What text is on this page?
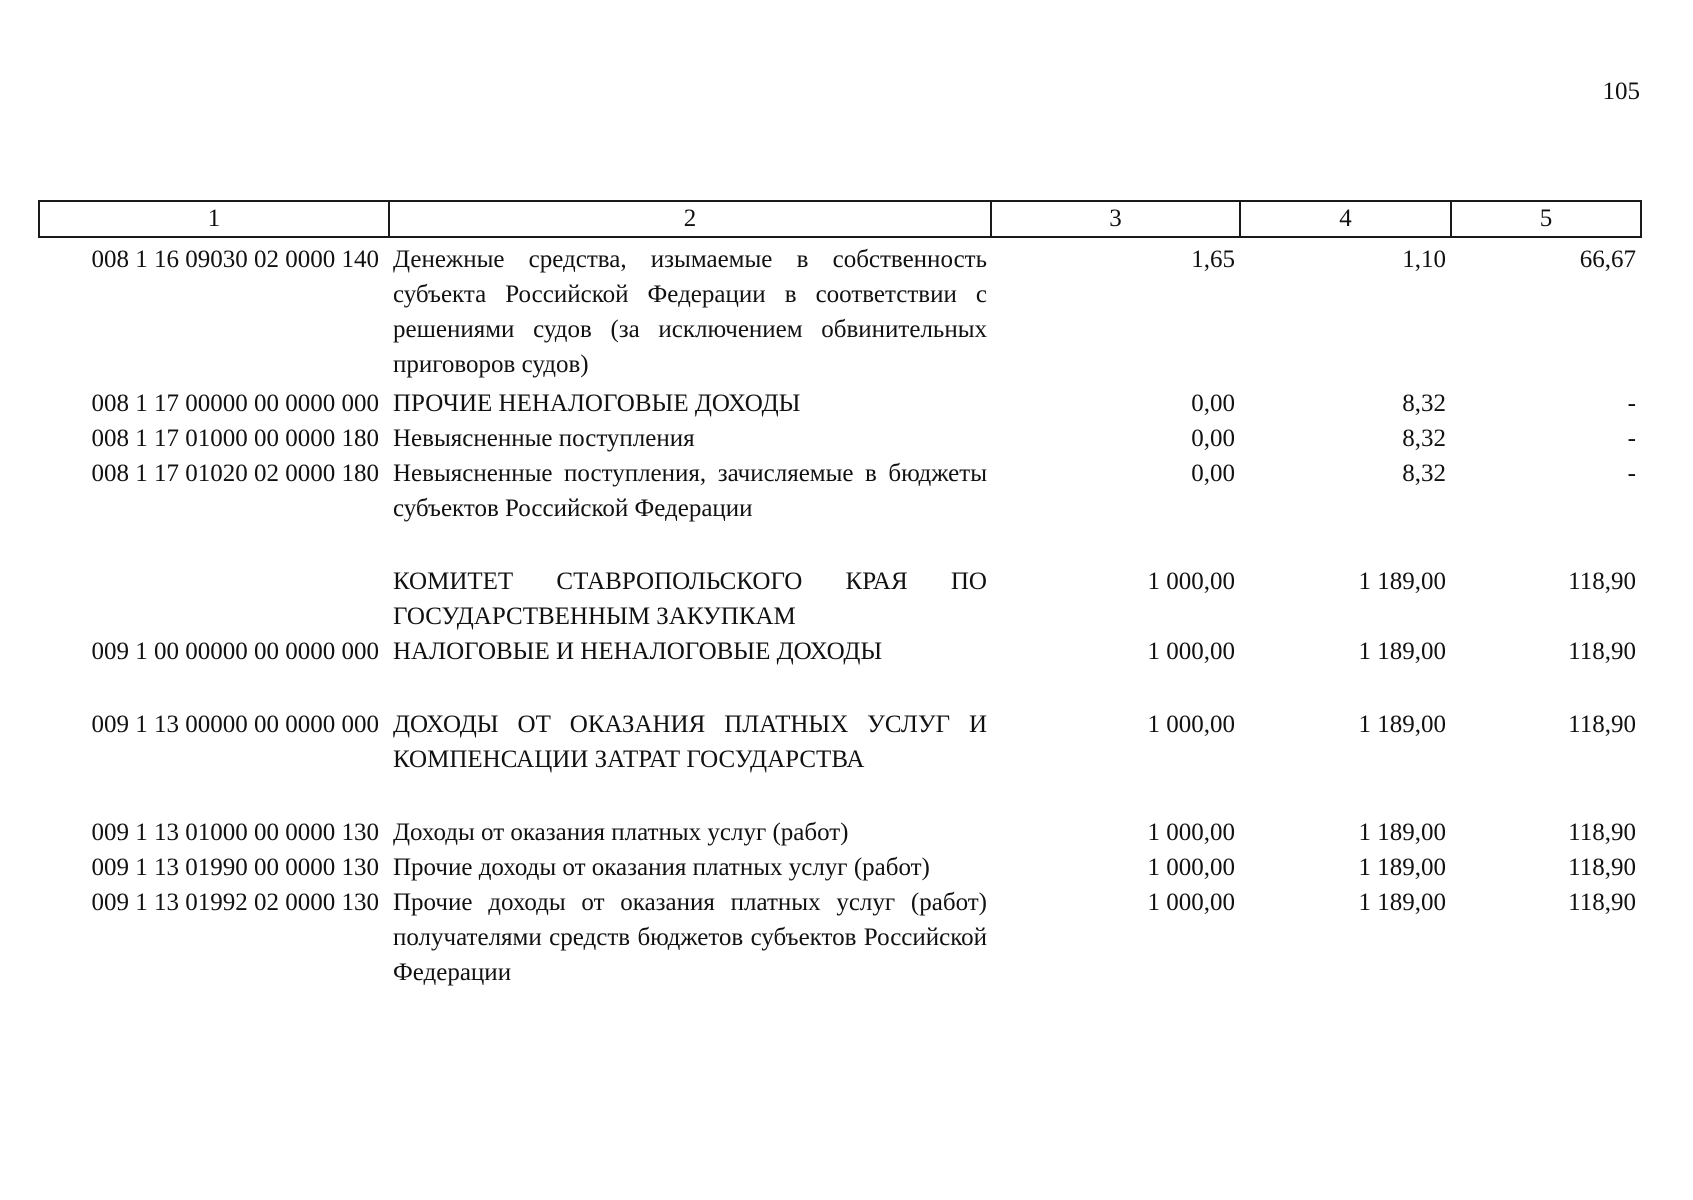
105
1	2	3	4	5
008 1 16 09030 02 0000 140	Денежные средства, изымаемые в собственность субъекта Российской Федерации в соответствии с решениями судов (за исключением обвинительных приговоров судов)	1,65	1,10	66,67
008 1 17 00000 00 0000 000	ПРОЧИЕ НЕНАЛОГОВЫЕ ДОХОДЫ	0,00	8,32	-
008 1 17 01000 00 0000 180	Невыясненные поступления	0,00	8,32	-
008 1 17 01020 02 0000 180	Невыясненные поступления, зачисляемые в бюджеты субъектов Российской Федерации	0,00	8,32	-
	КОМИТЕТ СТАВРОПОЛЬСКОГО КРАЯ ПО ГОСУДАРСТВЕННЫМ ЗАКУПКАМ	1 000,00	1 189,00	118,90
009 1 00 00000 00 0000 000	НАЛОГОВЫЕ И НЕНАЛОГОВЫЕ ДОХОДЫ	1 000,00	1 189,00	118,90
009 1 13 00000 00 0000 000	ДОХОДЫ ОТ ОКАЗАНИЯ ПЛАТНЫХ УСЛУГ И КОМПЕНСАЦИИ ЗАТРАТ ГОСУДАРСТВА	1 000,00	1 189,00	118,90
009 1 13 01000 00 0000 130	Доходы от оказания платных услуг (работ)	1 000,00	1 189,00	118,90
009 1 13 01990 00 0000 130	Прочие доходы от оказания платных услуг (работ)	1 000,00	1 189,00	118,90
009 1 13 01992 02 0000 130	Прочие доходы от оказания платных услуг (работ) получателями средств бюджетов субъектов Российской Федерации	1 000,00	1 189,00	118,90
